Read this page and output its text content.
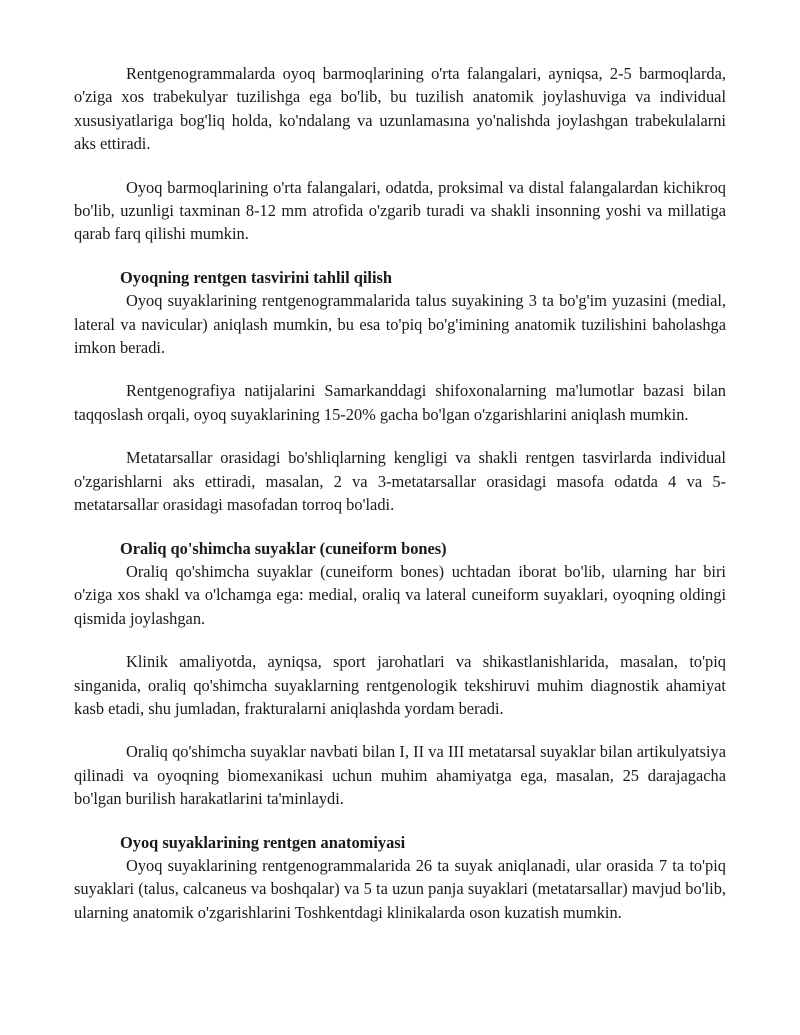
Rentgenogrammalarda oyoq barmoqlarining o'rta falangalari, ayniqsa, 2-5 barmoqlarda, o'ziga xos trabekulyar tuzilishga ega bo'lib, bu tuzilish anatomik joylashuviga va individual xususiyatlariga bog'liq holda, ko'ndalang va uzunlamasına yo'nalishda joylashgan trabekulalarni aks ettiradi.

Oyoq barmoqlarining o'rta falangalari, odatda, proksimal va distal falangalardan kichikroq bo'lib, uzunligi taxminan 8-12 mm atrofida o'zgarib turadi va shakli insonning yoshi va millatiga qarab farq qilishi mumkin.

Oyoqning rentgen tasvirini tahlil qilish

Oyoq suyaklarining rentgenogrammalarida talus suyakining 3 ta bo'g'im yuzasini (medial, lateral va navicular) aniqlash mumkin, bu esa to'piq bo'g'imining anatomik tuzilishini baholashga imkon beradi.

Rentgenografiya natijalarini Samarkanddagi shifoxonalarning ma'lumotlar bazasi bilan taqqoslash orqali, oyoq suyaklarining 15-20% gacha bo'lgan o'zgarishlarini aniqlash mumkin.

Metatarsallar orasidagi bo'shliqlarning kengligi va shakli rentgen tasvirlarda individual o'zgarishlarni aks ettiradi, masalan, 2 va 3-metatarsallar orasidagi masofa odatda 4 va 5-metatarsallar orasidagi masofadan torroq bo'ladi.

Oraliq qo'shimcha suyaklar (cuneiform bones)

Oraliq qo'shimcha suyaklar (cuneiform bones) uchtadan iborat bo'lib, ularning har biri o'ziga xos shakl va o'lchamga ega: medial, oraliq va lateral cuneiform suyaklari, oyoqning oldingi qismida joylashgan.

Klinik amaliyotda, ayniqsa, sport jarohatlari va shikastlanishlarida, masalan, to'piq singanida, oraliq qo'shimcha suyaklarning rentgenologik tekshiruvi muhim diagnostik ahamiyat kasb etadi, shu jumladan, frakturalarni aniqlashda yordam beradi.

Oraliq qo'shimcha suyaklar navbati bilan I, II va III metatarsal suyaklar bilan artikulyatsiya qilinadi va oyoqning biomexanikasi uchun muhim ahamiyatga ega, masalan, 25 darajagacha bo'lgan burilish harakatlarini ta'minlaydi.

Oyoq suyaklarining rentgen anatomiyasi

Oyoq suyaklarining rentgenogrammalarida 26 ta suyak aniqlanadi, ular orasida 7 ta to'piq suyaklari (talus, calcaneus va boshqalar) va 5 ta uzun panja suyaklari (metatarsallar) mavjud bo'lib, ularning anatomik o'zgarishlarini Toshkentdagi klinikalarda oson kuzatish mumkin.
